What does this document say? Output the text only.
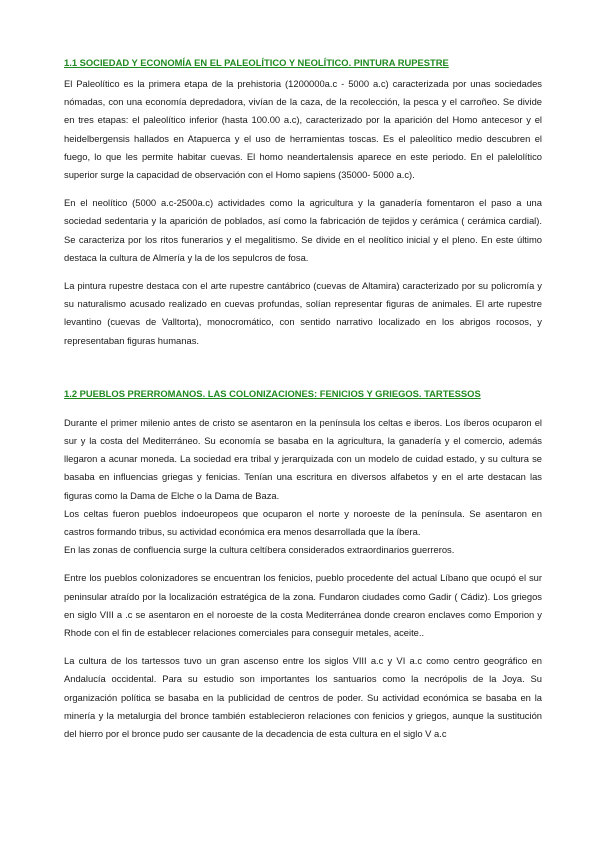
1.1 SOCIEDAD Y ECONOMÍA EN EL PALEOLÍTICO Y NEOLÍTICO. PINTURA RUPESTRE

El Paleolítico es la primera etapa de la prehistoria (1200000a.c - 5000 a.c) caracterizada por unas sociedades nómadas, con una economía depredadora, vivían de la caza, de la recolección, la pesca y el carroñeo. Se divide en tres etapas: el paleolítico inferior (hasta 100.00 a.c), caracterizado por la aparición del Homo antecesor y el heidelbergensis hallados en Atapuerca y el uso de herramientas toscas. Es el paleolítico medio descubren el fuego, lo que les permite habitar cuevas. El homo neandertalensis aparece en este periodo. En el palelolítico superior surge la capacidad de observación con el Homo sapiens (35000- 5000 a.c).

En el neolítico (5000 a.c-2500a.c) actividades como la agricultura y la ganadería fomentaron el paso a una sociedad sedentaria y la aparición de poblados, así como la fabricación de tejidos y cerámica ( cerámica cardial). Se caracteriza por los ritos funerarios y el megalitismo. Se divide en el neolítico inicial y el pleno. En este último destaca la cultura de Almería y la de los sepulcros de fosa.

La pintura rupestre destaca con el arte rupestre cantábrico (cuevas de Altamira) caracterizado por su policromía y su naturalismo acusado realizado en cuevas profundas, solían representar figuras de animales. El arte rupestre levantino (cuevas de Valltorta), monocromático, con sentido narrativo localizado en los abrigos rocosos, y representaban figuras humanas.

1.2 PUEBLOS PRERROMANOS. LAS COLONIZACIONES: FENICIOS Y GRIEGOS. TARTESSOS

Durante el primer milenio antes de cristo se asentaron en la península los celtas e iberos. Los íberos ocuparon el sur y la costa del Mediterráneo. Su economía se basaba en la agricultura, la ganadería y el comercio, además llegaron a acunar moneda. La sociedad era tribal y jerarquizada con un modelo de cuidad estado, y su cultura se basaba en influencias griegas y fenicias. Tenían una escritura en diversos alfabetos y en el arte destacan las figuras como la Dama de Elche o la Dama de Baza.

Los celtas fueron pueblos indoeuropeos que ocuparon el norte y noroeste de la península. Se asentaron en castros formando tribus, su actividad económica era menos desarrollada que la íbera.

En las zonas de confluencia surge la cultura celtíbera considerados extraordinarios guerreros.

Entre los pueblos colonizadores se encuentran los fenicios, pueblo procedente del actual Líbano que ocupó el sur peninsular atraído por la localización estratégica de la zona. Fundaron ciudades como Gadir ( Cádiz). Los griegos en siglo VIII a .c se asentaron en el noroeste de la costa Mediterránea donde crearon enclaves como Emporion y Rhode con el fin de establecer relaciones comerciales para conseguir metales, aceite..

La cultura de los tartessos tuvo un gran ascenso entre los siglos VIII a.c y VI a.c como centro geográfico en Andalucía occidental. Para su estudio son importantes los santuarios como la necrópolis de la Joya. Su organización política se basaba en la publicidad de centros de poder. Su actividad económica se basaba en la minería y la metalurgia del bronce también establecieron relaciones con fenicios y griegos, aunque la sustitución del hierro por el bronce pudo ser causante de la decadencia de esta cultura en el siglo V a.c
